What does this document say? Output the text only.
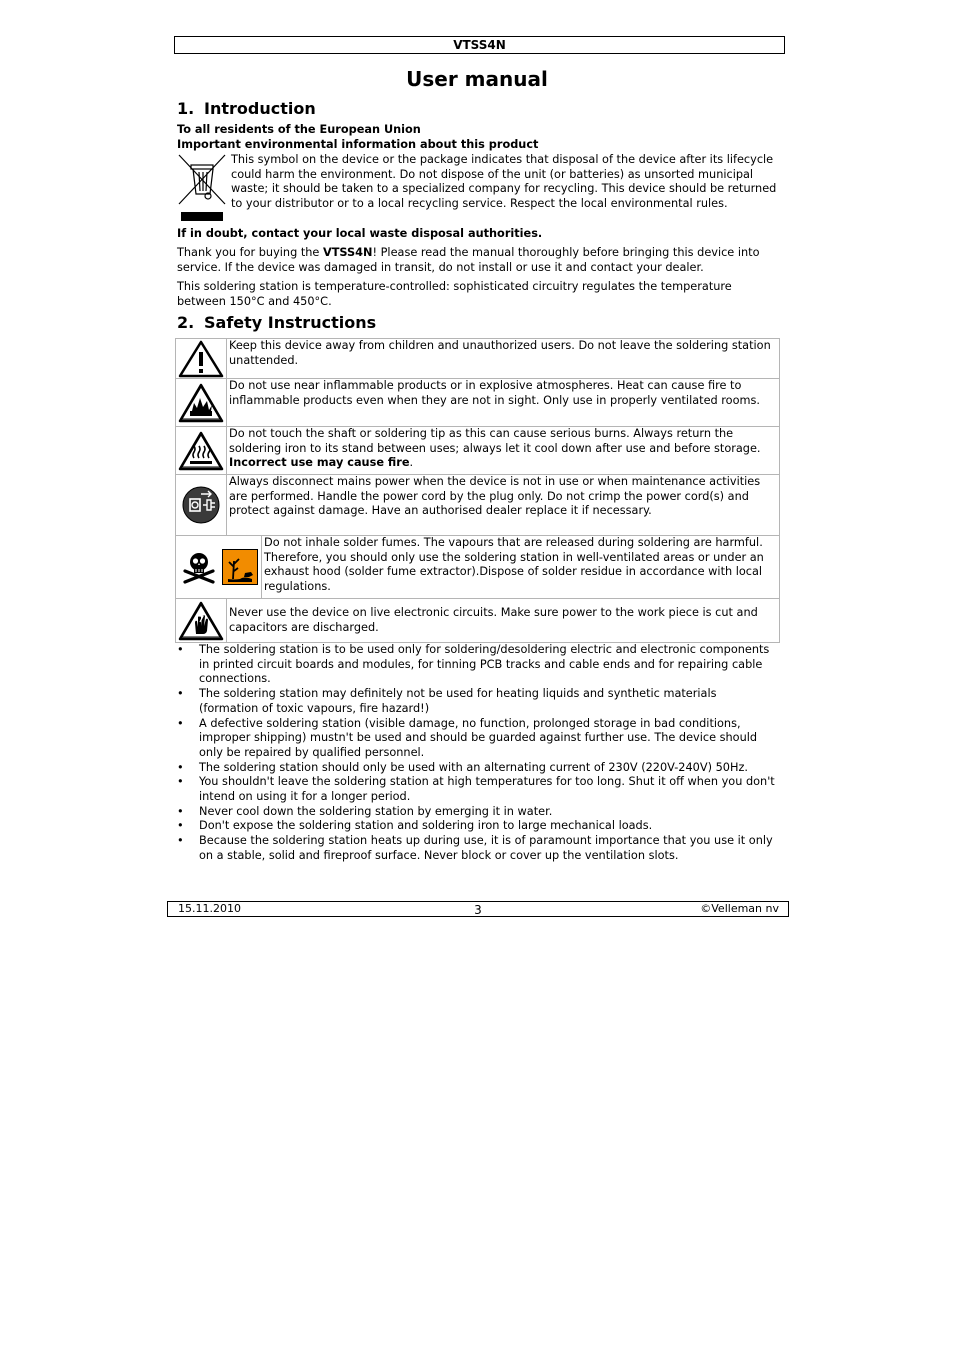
VTSS4N
User manual
1. Introduction
To all residents of the European Union
Important environmental information about this product
This symbol on the device or the package indicates that disposal of the device after its lifecycle could harm the environment. Do not dispose of the unit (or batteries) as unsorted municipal waste; it should be taken to a specialized company for recycling. This device should be returned to your distributor or to a local recycling service. Respect the local environmental rules.
If in doubt, contact your local waste disposal authorities.
Thank you for buying the VTSS4N! Please read the manual thoroughly before bringing this device into service. If the device was damaged in transit, do not install or use it and contact your dealer.
This soldering station is temperature-controlled: sophisticated circuitry regulates the temperature between 150°C and 450°C.
2. Safety Instructions
	Keep this device away from children and unauthorized users. Do not leave the soldering station unattended.

	Do not use near inflammable products or in explosive atmospheres. Heat can cause fire to inflammable products even when they are not in sight. Only use in properly ventilated rooms.

	Do not touch the shaft or soldering tip as this can cause serious burns. Always return the soldering iron to its stand between uses; always let it cool down after use and before storage. Incorrect use may cause fire.

	Always disconnect mains power when the device is not in use or when maintenance activities are performed. Handle the power cord by the plug only. Do not crimp the power cord(s) and protect against damage. Have an authorised dealer replace it if necessary.

Do not inhale solder fumes. The vapours that are released during soldering are harmful. Therefore, you should only use the soldering station in well-ventilated areas or under an exhaust hood (solder fume extractor).Dispose of solder residue in accordance with local regulations.	

	Never use the device on live electronic circuits. Make sure power to the work piece is cut and capacitors are discharged.
• The soldering station is to be used only for soldering/desoldering electric and electronic components in printed circuit boards and modules, for tinning PCB tracks and cable ends and for repairing cable connections.
• The soldering station may definitely not be used for heating liquids and synthetic materials (formation of toxic vapours, fire hazard!)
• A defective soldering station (visible damage, no function, prolonged storage in bad conditions, improper shipping) mustn't be used and should be guarded against further use. The device should only be repaired by qualified personnel.
• The soldering station should only be used with an alternating current of 230V (220V-240V) 50Hz.
• You shouldn't leave the soldering station at high temperatures for too long. Shut it off when you don't intend on using it for a longer period.
• Never cool down the soldering station by emerging it in water.
• Don't expose the soldering station and soldering iron to large mechanical loads.
• Because the soldering station heats up during use, it is of paramount importance that you use it only on a stable, solid and fireproof surface. Never block or cover up the ventilation slots.
15.11.2010	3	©Velleman nv
